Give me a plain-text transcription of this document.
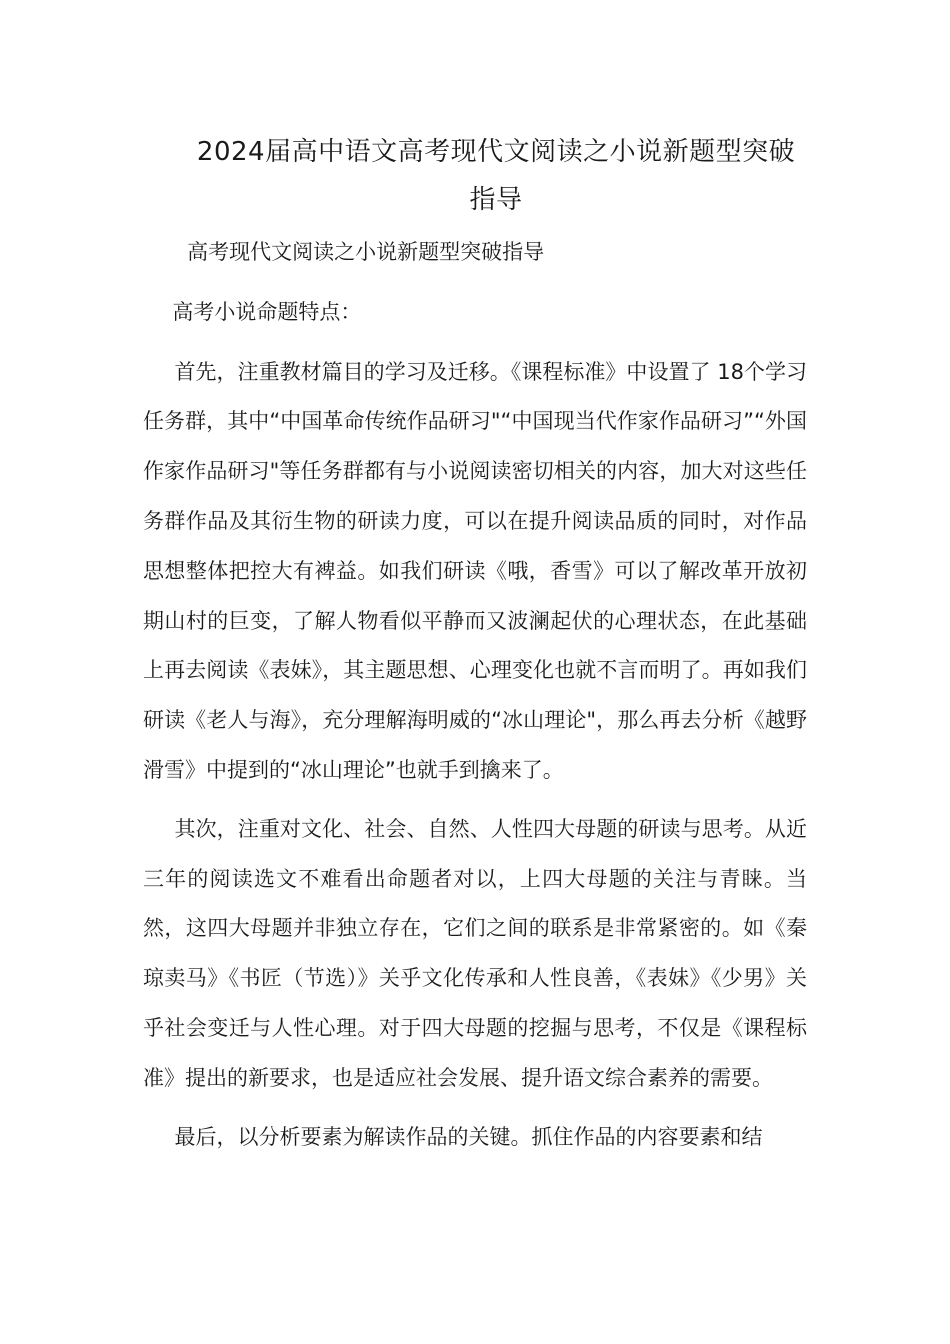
2024届高中语文高考现代文阅读之小说新题型突破指导

高考现代文阅读之小说新题型突破指导

高考小说命题特点：

首先，注重教材篇目的学习及迁移。《课程标准》中设置了 18个学习任务群，其中“中国革命传统作品研习"“中国现当代作家作品研习”“外国作家作品研习"等任务群都有与小说阅读密切相关的内容，加大对这些任务群作品及其衍生物的研读力度，可以在提升阅读品质的同时，对作品思想整体把控大有裨益。如我们研读《哦，香雪》可以了解改革开放初期山村的巨变，了解人物看似平静而又波澜起伏的心理状态，在此基础上再去阅读《表妹》，其主题思想、心理变化也就不言而明了。再如我们研读《老人与海》，充分理解海明威的“冰山理论"，那么再去分析《越野滑雪》中提到的“冰山理论”也就手到擒来了。

其次，注重对文化、社会、自然、人性四大母题的研读与思考。从近三年的阅读选文不难看出命题者对以，上四大母题的关注与青睐。当然，这四大母题并非独立存在，它们之间的联系是非常紧密的。如《秦琼卖马》《书匠（节选）》关乎文化传承和人性良善，《表妹》《少男》关乎社会变迁与人性心理。对于四大母题的挖掘与思考，不仅是《课程标准》提出的新要求，也是适应社会发展、提升语文综合素养的需要。

最后，以分析要素为解读作品的关键。抓住作品的内容要素和结
